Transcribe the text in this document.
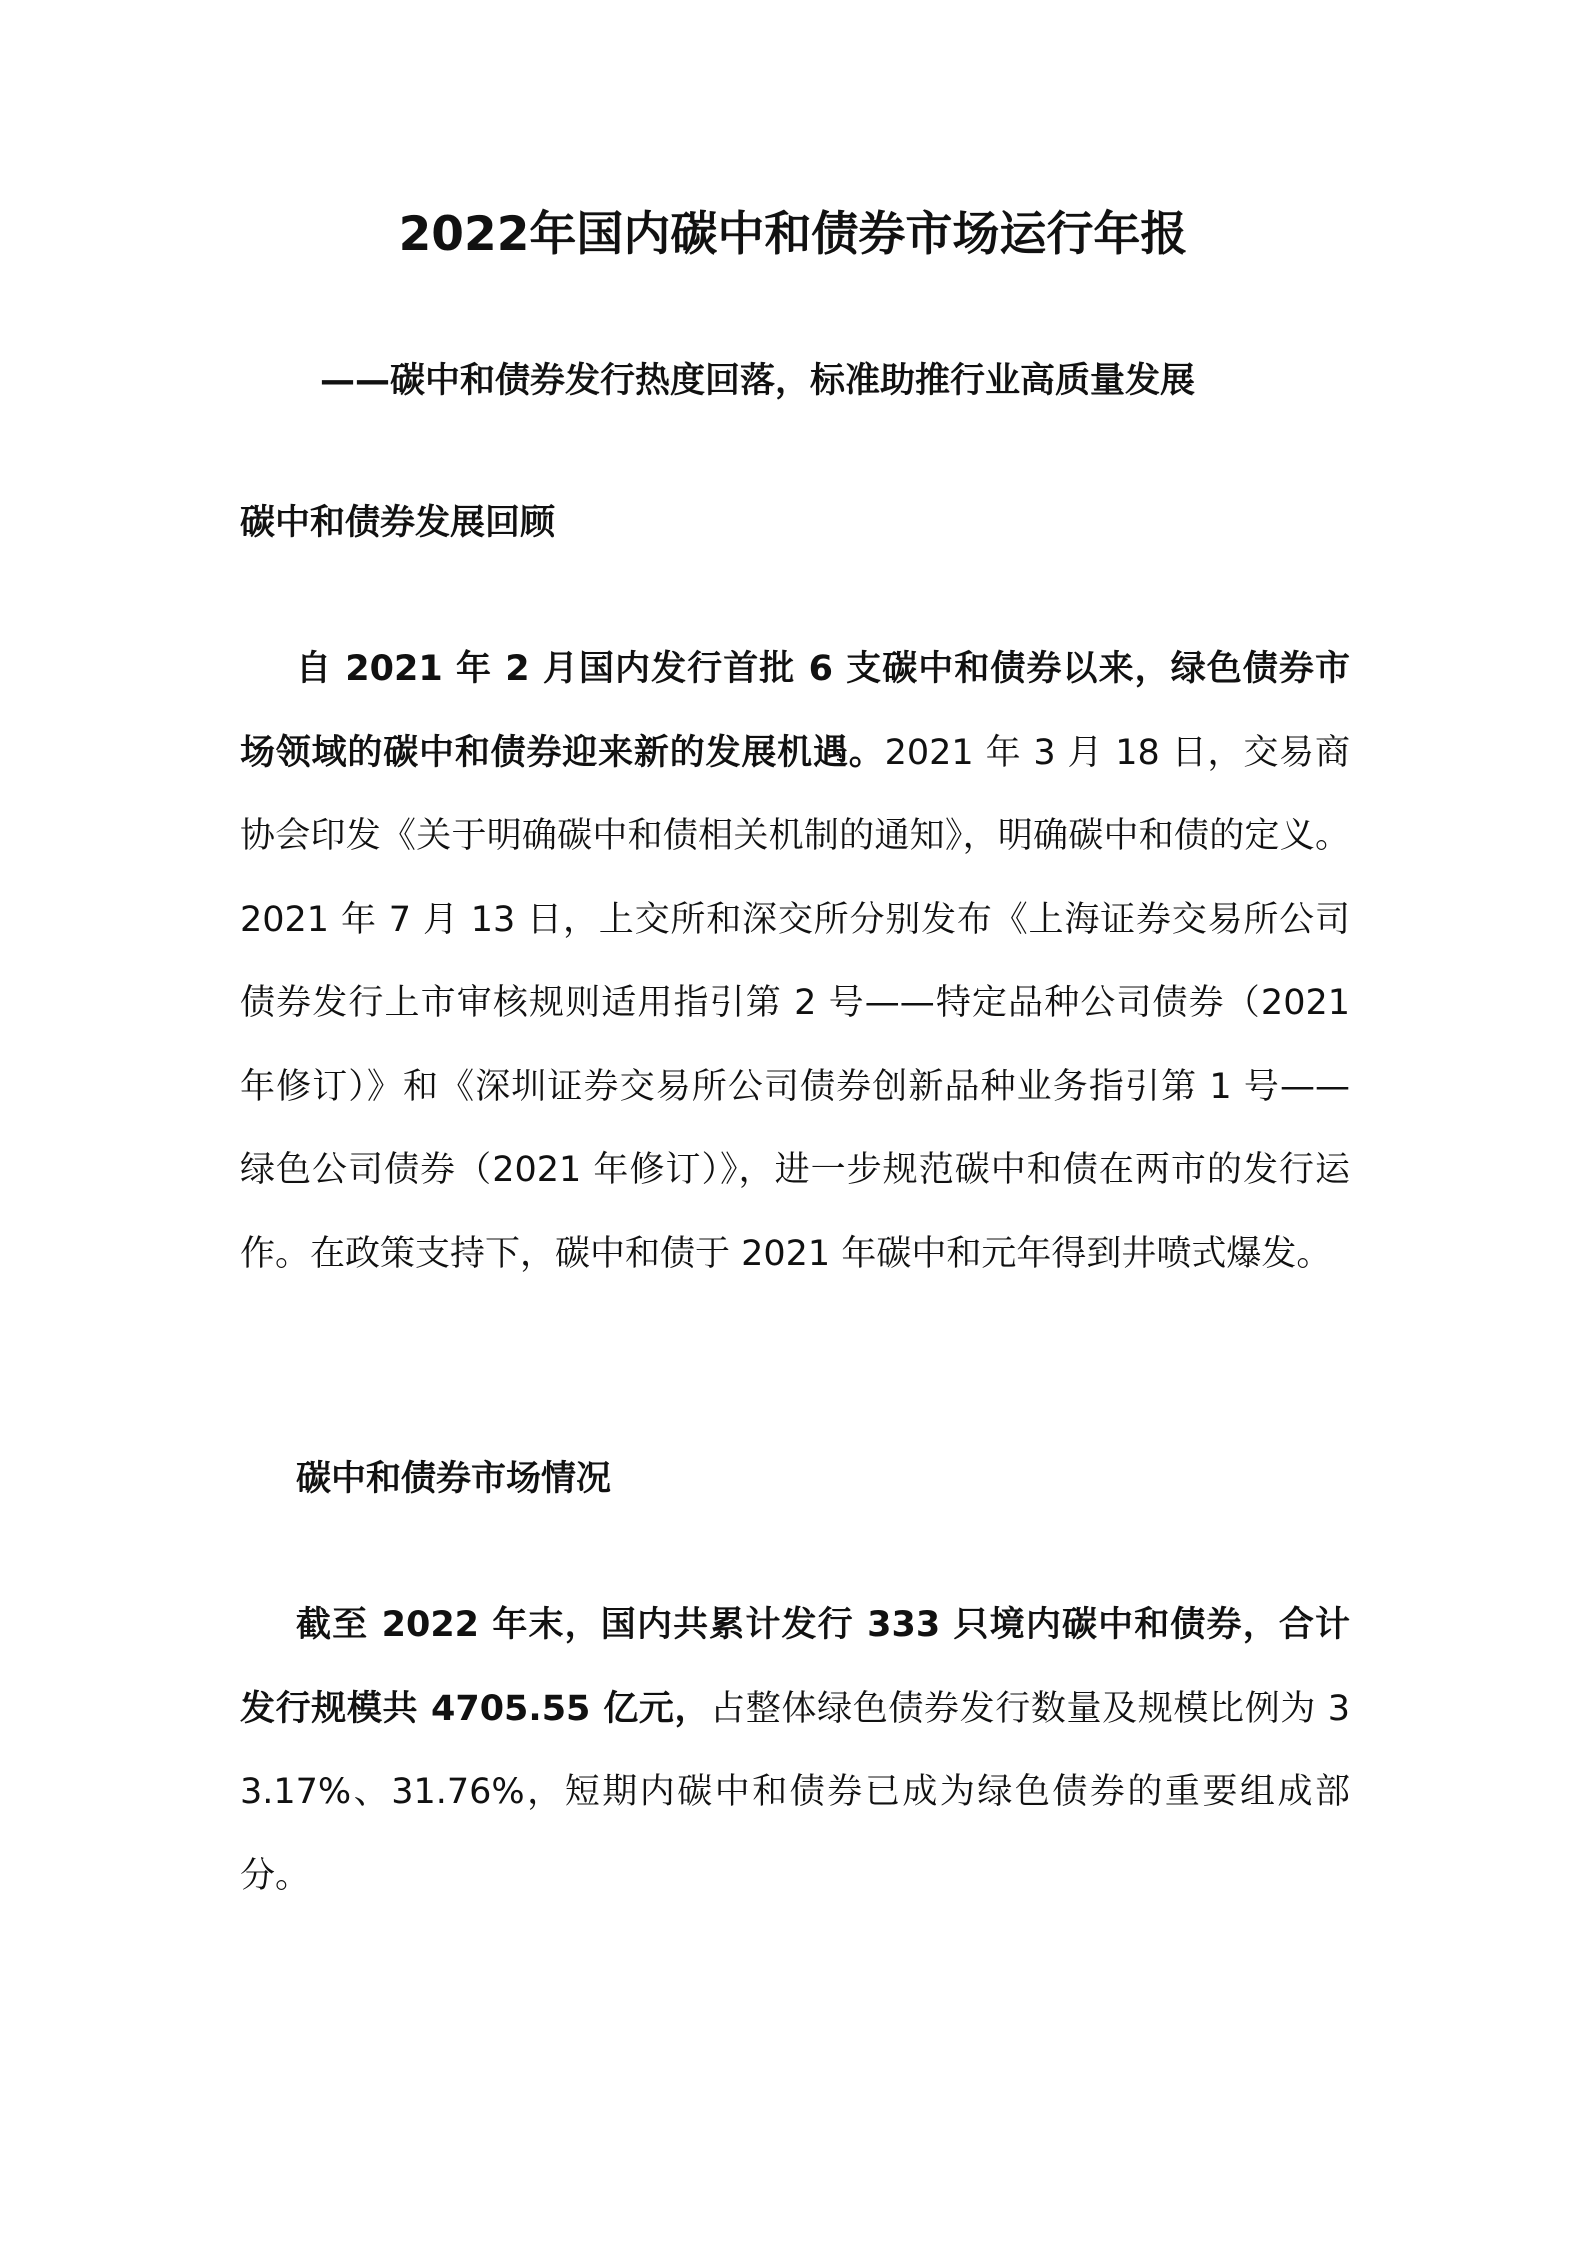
2022年国内碳中和债券市场运行年报
——碳中和债券发行热度回落，标准助推行业高质量发展
碳中和债券发展回顾
自 2021 年 2 月国内发行首批 6 支碳中和债券以来，绿色债券市场领域的碳中和债券迎来新的发展机遇。2021 年 3 月 18 日，交易商协会印发《关于明确碳中和债相关机制的通知》，明确碳中和债的定义。2021 年 7 月 13 日，上交所和深交所分别发布《上海证券交易所公司债券发行上市审核规则适用指引第 2 号——特定品种公司债券（2021 年修订）》和《深圳证券交易所公司债券创新品种业务指引第 1 号——绿色公司债券（2021 年修订）》，进一步规范碳中和债在两市的发行运作。在政策支持下，碳中和债于 2021 年碳中和元年得到井喷式爆发。
碳中和债券市场情况
截至 2022 年末，国内共累计发行 333 只境内碳中和债券，合计发行规模共 4705.55 亿元，占整体绿色债券发行数量及规模比例为 33.17%、31.76%，短期内碳中和债券已成为绿色债券的重要组成部分。
